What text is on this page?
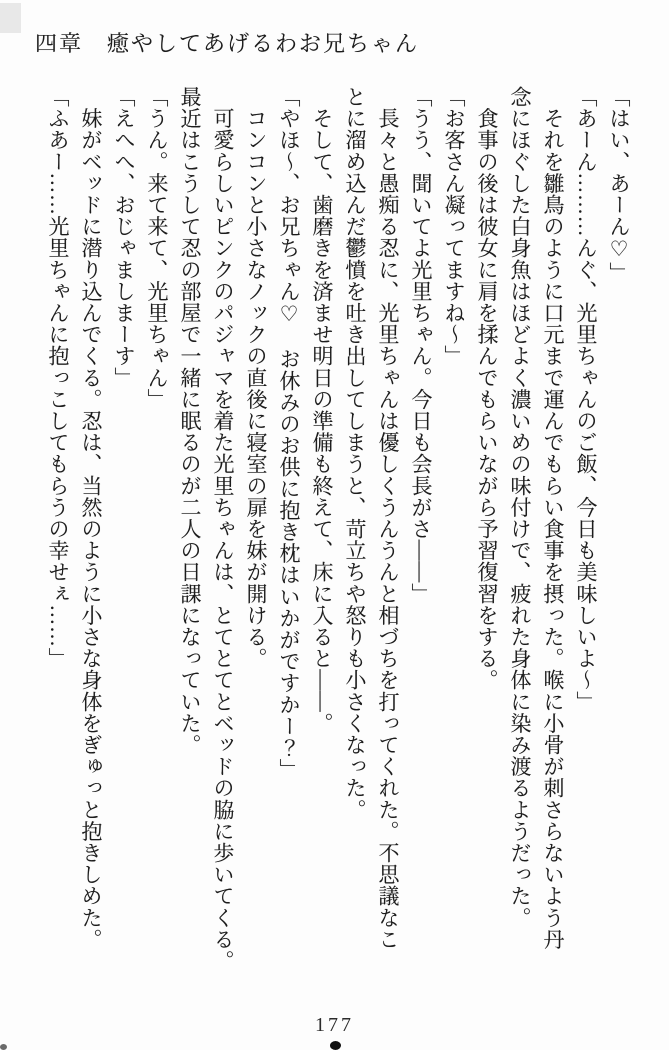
四章　癒やしてあげるわお兄ちゃん

「はい、あーん♡」

「あーん………んぐ、光里ちゃんのご飯、今日も美味しいよ〜」

　それを雛鳥のように口元まで運んでもらい食事を摂った。喉に小骨が刺さらないよう丹

念にほぐした白身魚はほどよく濃いめの味付けで、疲れた身体に染み渡るようだった。

　食事の後は彼女に肩を揉んでもらいながら予習復習をする。

「お客さん凝ってますね〜」

「うう、聞いてよ光里ちゃん。今日も会長がさ——」

　長々と愚痴る忍に、光里ちゃんは優しくうんうんと相づちを打ってくれた。不思議なこ

とに溜め込んだ鬱憤を吐き出してしまうと、苛立ちや怒りも小さくなった。

　そして、歯磨きを済ませ明日の準備も終えて、床に入ると——。

「やほ〜、お兄ちゃん♡　お休みのお供に抱き枕はいかがですかー？」

　コンコンと小さなノックの直後に寝室の扉を妹が開ける。

　可愛らしいピンクのパジャマを着た光里ちゃんは、とてとてとベッドの脇に歩いてくる。

最近はこうして忍の部屋で一緒に眠るのが二人の日課になっていた。

「うん。来て来て、光里ちゃん」

「えへへ、おじゃましまーす」

　妹がベッドに潜り込んでくる。忍は、当然のように小さな身体をぎゅっと抱きしめた。

「ふあー……光里ちゃんに抱っこしてもらうの幸せぇ……」

177
